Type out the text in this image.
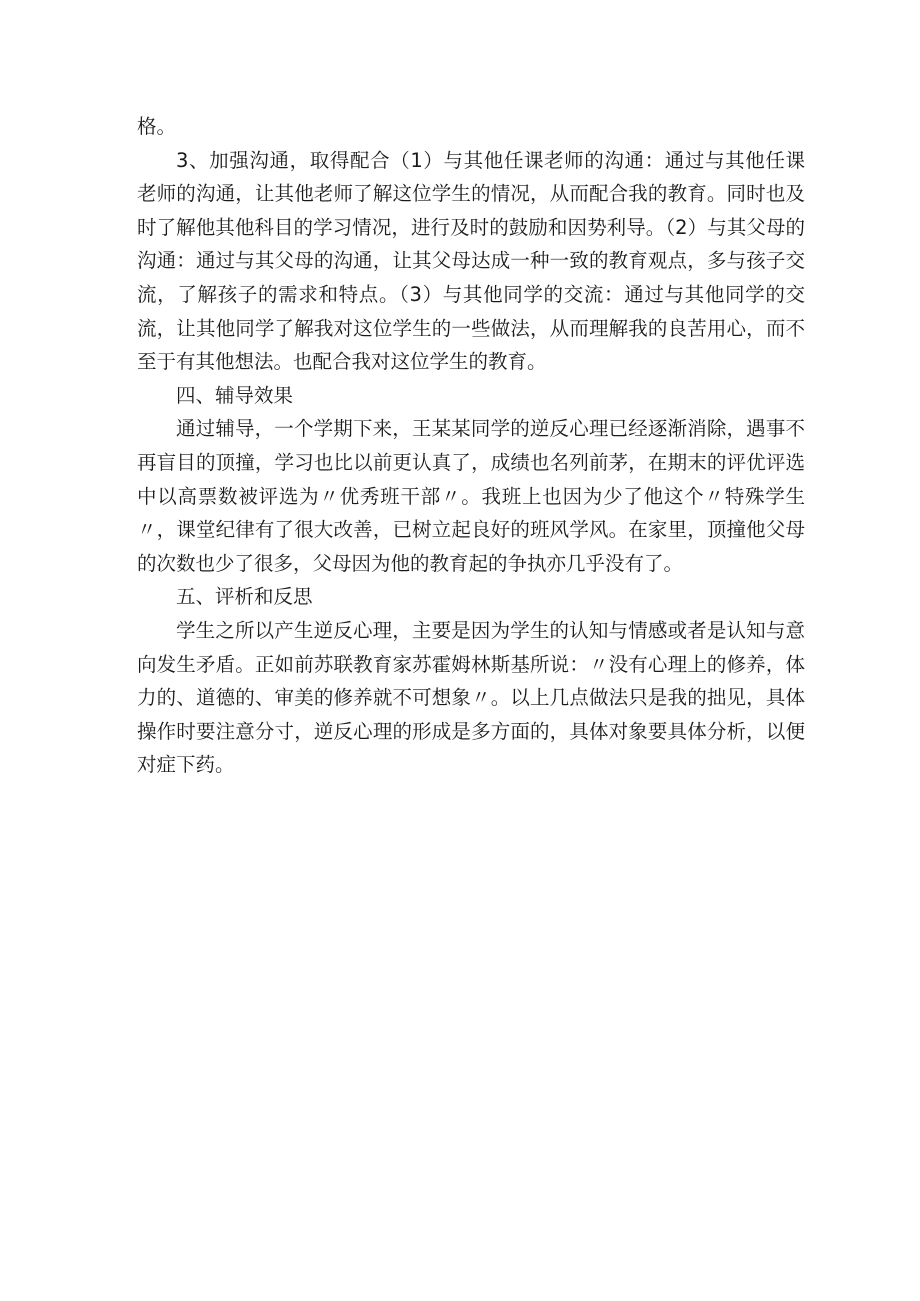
格。

3、加强沟通，取得配合（1）与其他任课老师的沟通：通过与其他任课老师的沟通，让其他老师了解这位学生的情况，从而配合我的教育。同时也及时了解他其他科目的学习情况，进行及时的鼓励和因势利导。（2）与其父母的沟通：通过与其父母的沟通，让其父母达成一种一致的教育观点，多与孩子交流，了解孩子的需求和特点。（3）与其他同学的交流：通过与其他同学的交流，让其他同学了解我对这位学生的一些做法，从而理解我的良苦用心，而不至于有其他想法。也配合我对这位学生的教育。

四、辅导效果

通过辅导，一个学期下来，王某某同学的逆反心理已经逐渐消除，遇事不再盲目的顶撞，学习也比以前更认真了，成绩也名列前茅，在期末的评优评选中以高票数被评选为〃优秀班干部〃。我班上也因为少了他这个〃特殊学生〃，课堂纪律有了很大改善，已树立起良好的班风学风。在家里，顶撞他父母的次数也少了很多，父母因为他的教育起的争执亦几乎没有了。

五、评析和反思

学生之所以产生逆反心理，主要是因为学生的认知与情感或者是认知与意向发生矛盾。正如前苏联教育家苏霍姆林斯基所说：〃没有心理上的修养，体力的、道德的、审美的修养就不可想象〃。以上几点做法只是我的拙见，具体操作时要注意分寸，逆反心理的形成是多方面的，具体对象要具体分析，以便对症下药。
